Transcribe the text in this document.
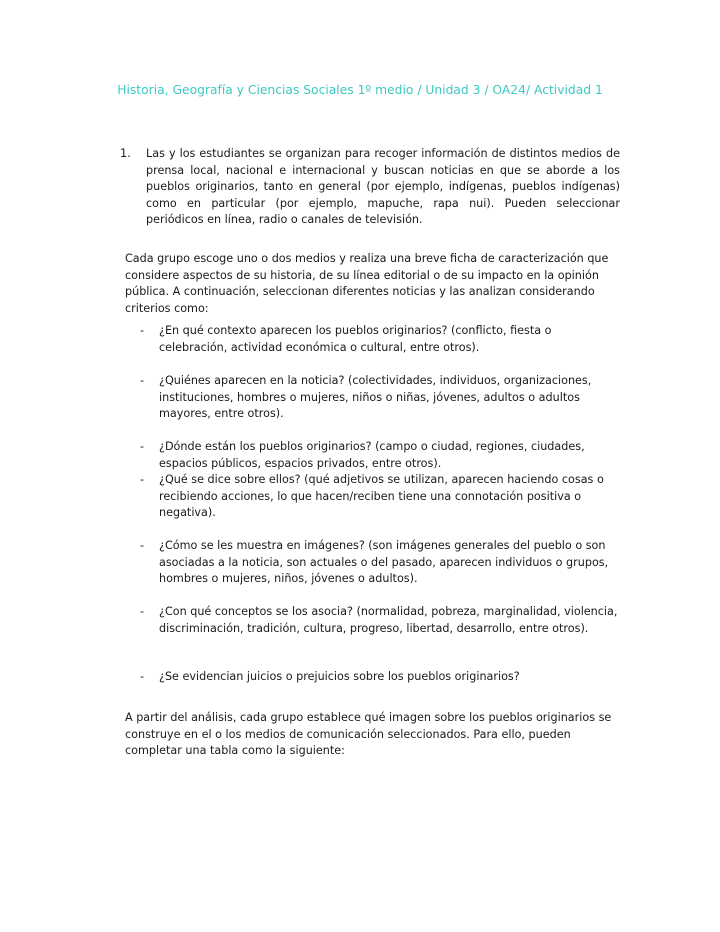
Historia, Geografía y Ciencias Sociales 1º medio / Unidad 3 / OA24/ Actividad 1
1. Las y los estudiantes se organizan para recoger información de distintos medios de prensa local, nacional e internacional y buscan noticias en que se aborde a los pueblos originarios, tanto en general (por ejemplo, indígenas, pueblos indígenas) como en particular (por ejemplo, mapuche, rapa nui). Pueden seleccionar periódicos en línea, radio o canales de televisión.
Cada grupo escoge uno o dos medios y realiza una breve ficha de caracterización que considere aspectos de su historia, de su línea editorial o de su impacto en la opinión pública. A continuación, seleccionan diferentes noticias y las analizan considerando criterios como:
- ¿En qué contexto aparecen los pueblos originarios? (conflicto, fiesta o celebración, actividad económica o cultural, entre otros).
- ¿Quiénes aparecen en la noticia? (colectividades, individuos, organizaciones, instituciones, hombres o mujeres, niños o niñas, jóvenes, adultos o adultos mayores, entre otros).
- ¿Dónde están los pueblos originarios? (campo o ciudad, regiones, ciudades, espacios públicos, espacios privados, entre otros).
- ¿Qué se dice sobre ellos? (qué adjetivos se utilizan, aparecen haciendo cosas o recibiendo acciones, lo que hacen/reciben tiene una connotación positiva o negativa).
- ¿Cómo se les muestra en imágenes? (son imágenes generales del pueblo o son asociadas a la noticia, son actuales o del pasado, aparecen individuos o grupos, hombres o mujeres, niños, jóvenes o adultos).
- ¿Con qué conceptos se los asocia? (normalidad, pobreza, marginalidad, violencia, discriminación, tradición, cultura, progreso, libertad, desarrollo, entre otros).
- ¿Se evidencian juicios o prejuicios sobre los pueblos originarios?
A partir del análisis, cada grupo establece qué imagen sobre los pueblos originarios se construye en el o los medios de comunicación seleccionados. Para ello, pueden completar una tabla como la siguiente:
